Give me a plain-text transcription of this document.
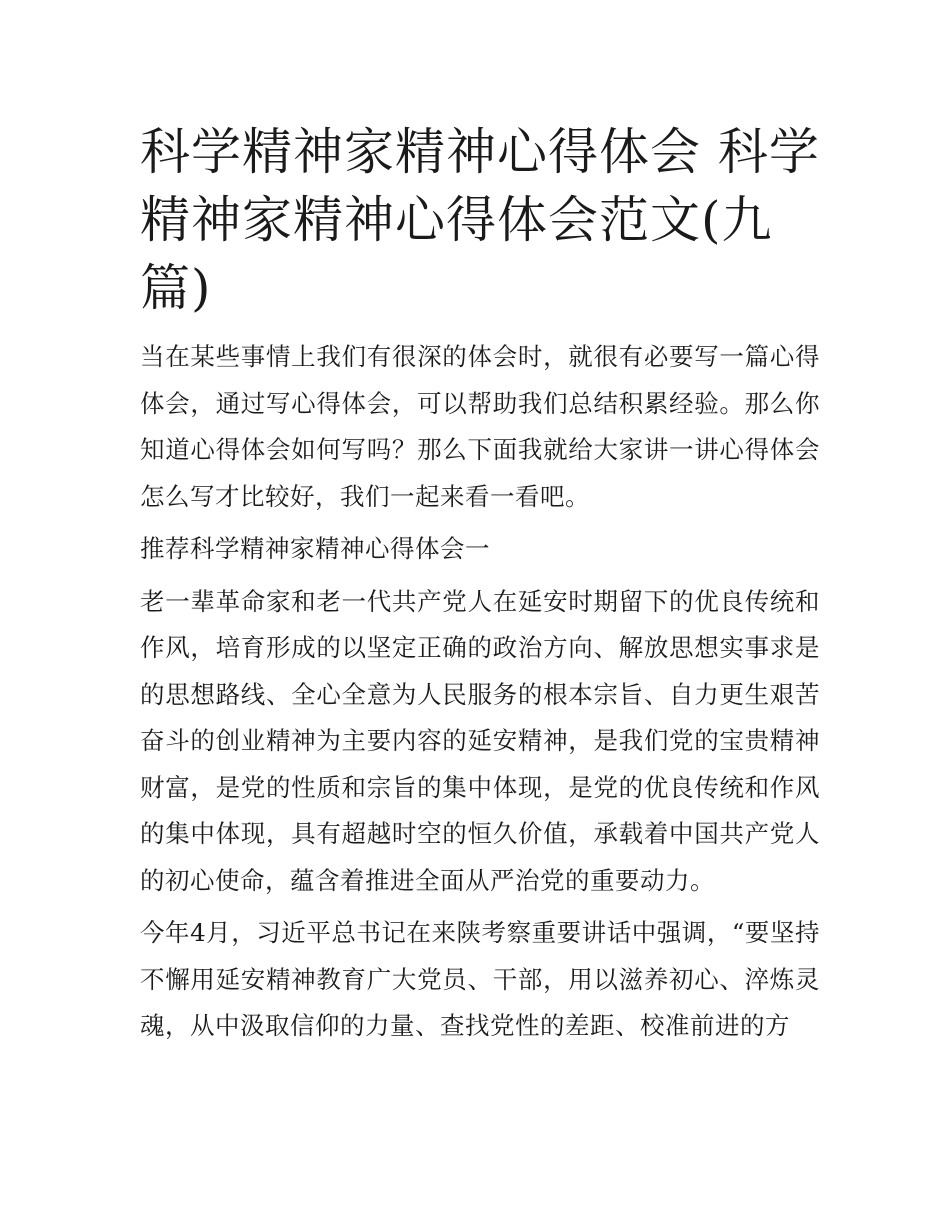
科学精神家精神心得体会 科学精神家精神心得体会范文(九篇)

当在某些事情上我们有很深的体会时，就很有必要写一篇心得体会，通过写心得体会，可以帮助我们总结积累经验。那么你知道心得体会如何写吗？那么下面我就给大家讲一讲心得体会怎么写才比较好，我们一起来看一看吧。

推荐科学精神家精神心得体会一

老一辈革命家和老一代共产党人在延安时期留下的优良传统和作风，培育形成的以坚定正确的政治方向、解放思想实事求是的思想路线、全心全意为人民服务的根本宗旨、自力更生艰苦奋斗的创业精神为主要内容的延安精神，是我们党的宝贵精神财富，是党的性质和宗旨的集中体现，是党的优良传统和作风的集中体现，具有超越时空的恒久价值，承载着中国共产党人的初心使命，蕴含着推进全面从严治党的重要动力。

今年4月，习近平总书记在来陕考察重要讲话中强调，“要坚持不懈用延安精神教育广大党员、干部，用以滋养初心、淬炼灵魂，从中汲取信仰的力量、查找党性的差距、校准前进的方
